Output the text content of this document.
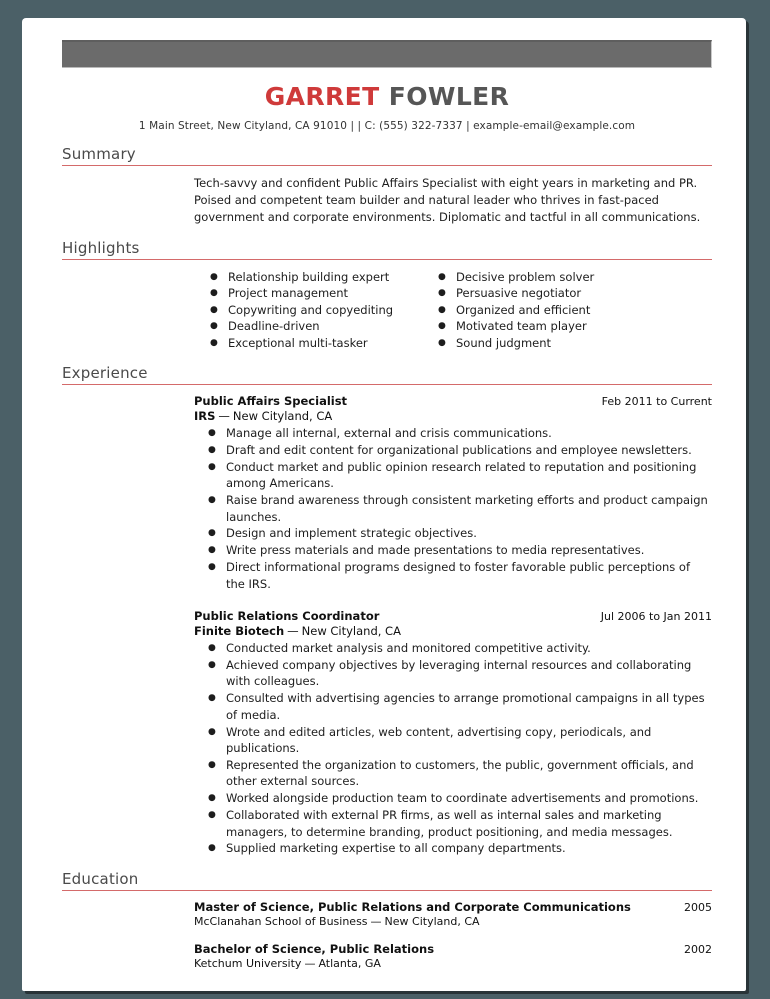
GARRET FOWLER
1 Main Street, New Cityland, CA 91010 | | C: (555) 322-7337 | example-email@example.com
Summary
Tech-savvy and confident Public Affairs Specialist with eight years in marketing and PR. Poised and competent team builder and natural leader who thrives in fast-paced government and corporate environments. Diplomatic and tactful in all communications.
Highlights
● Relationship building expert
● Project management
● Copywriting and copyediting
● Deadline-driven
● Exceptional multi-tasker
● Decisive problem solver
● Persuasive negotiator
● Organized and efficient
● Motivated team player
● Sound judgment
Experience
Public Affairs Specialist	Feb 2011 to Current
IRS — New Cityland, CA
● Manage all internal, external and crisis communications.
● Draft and edit content for organizational publications and employee newsletters.
● Conduct market and public opinion research related to reputation and positioning among Americans.
● Raise brand awareness through consistent marketing efforts and product campaign launches.
● Design and implement strategic objectives.
● Write press materials and made presentations to media representatives.
● Direct informational programs designed to foster favorable public perceptions of the IRS.
Public Relations Coordinator	Jul 2006 to Jan 2011
Finite Biotech — New Cityland, CA
● Conducted market analysis and monitored competitive activity.
● Achieved company objectives by leveraging internal resources and collaborating with colleagues.
● Consulted with advertising agencies to arrange promotional campaigns in all types of media.
● Wrote and edited articles, web content, advertising copy, periodicals, and publications.
● Represented the organization to customers, the public, government officials, and other external sources.
● Worked alongside production team to coordinate advertisements and promotions.
● Collaborated with external PR firms, as well as internal sales and marketing managers, to determine branding, product positioning, and media messages.
● Supplied marketing expertise to all company departments.
Education
Master of Science, Public Relations and Corporate Communications	2005
McClanahan School of Business — New Cityland, CA
Bachelor of Science, Public Relations	2002
Ketchum University — Atlanta, GA
